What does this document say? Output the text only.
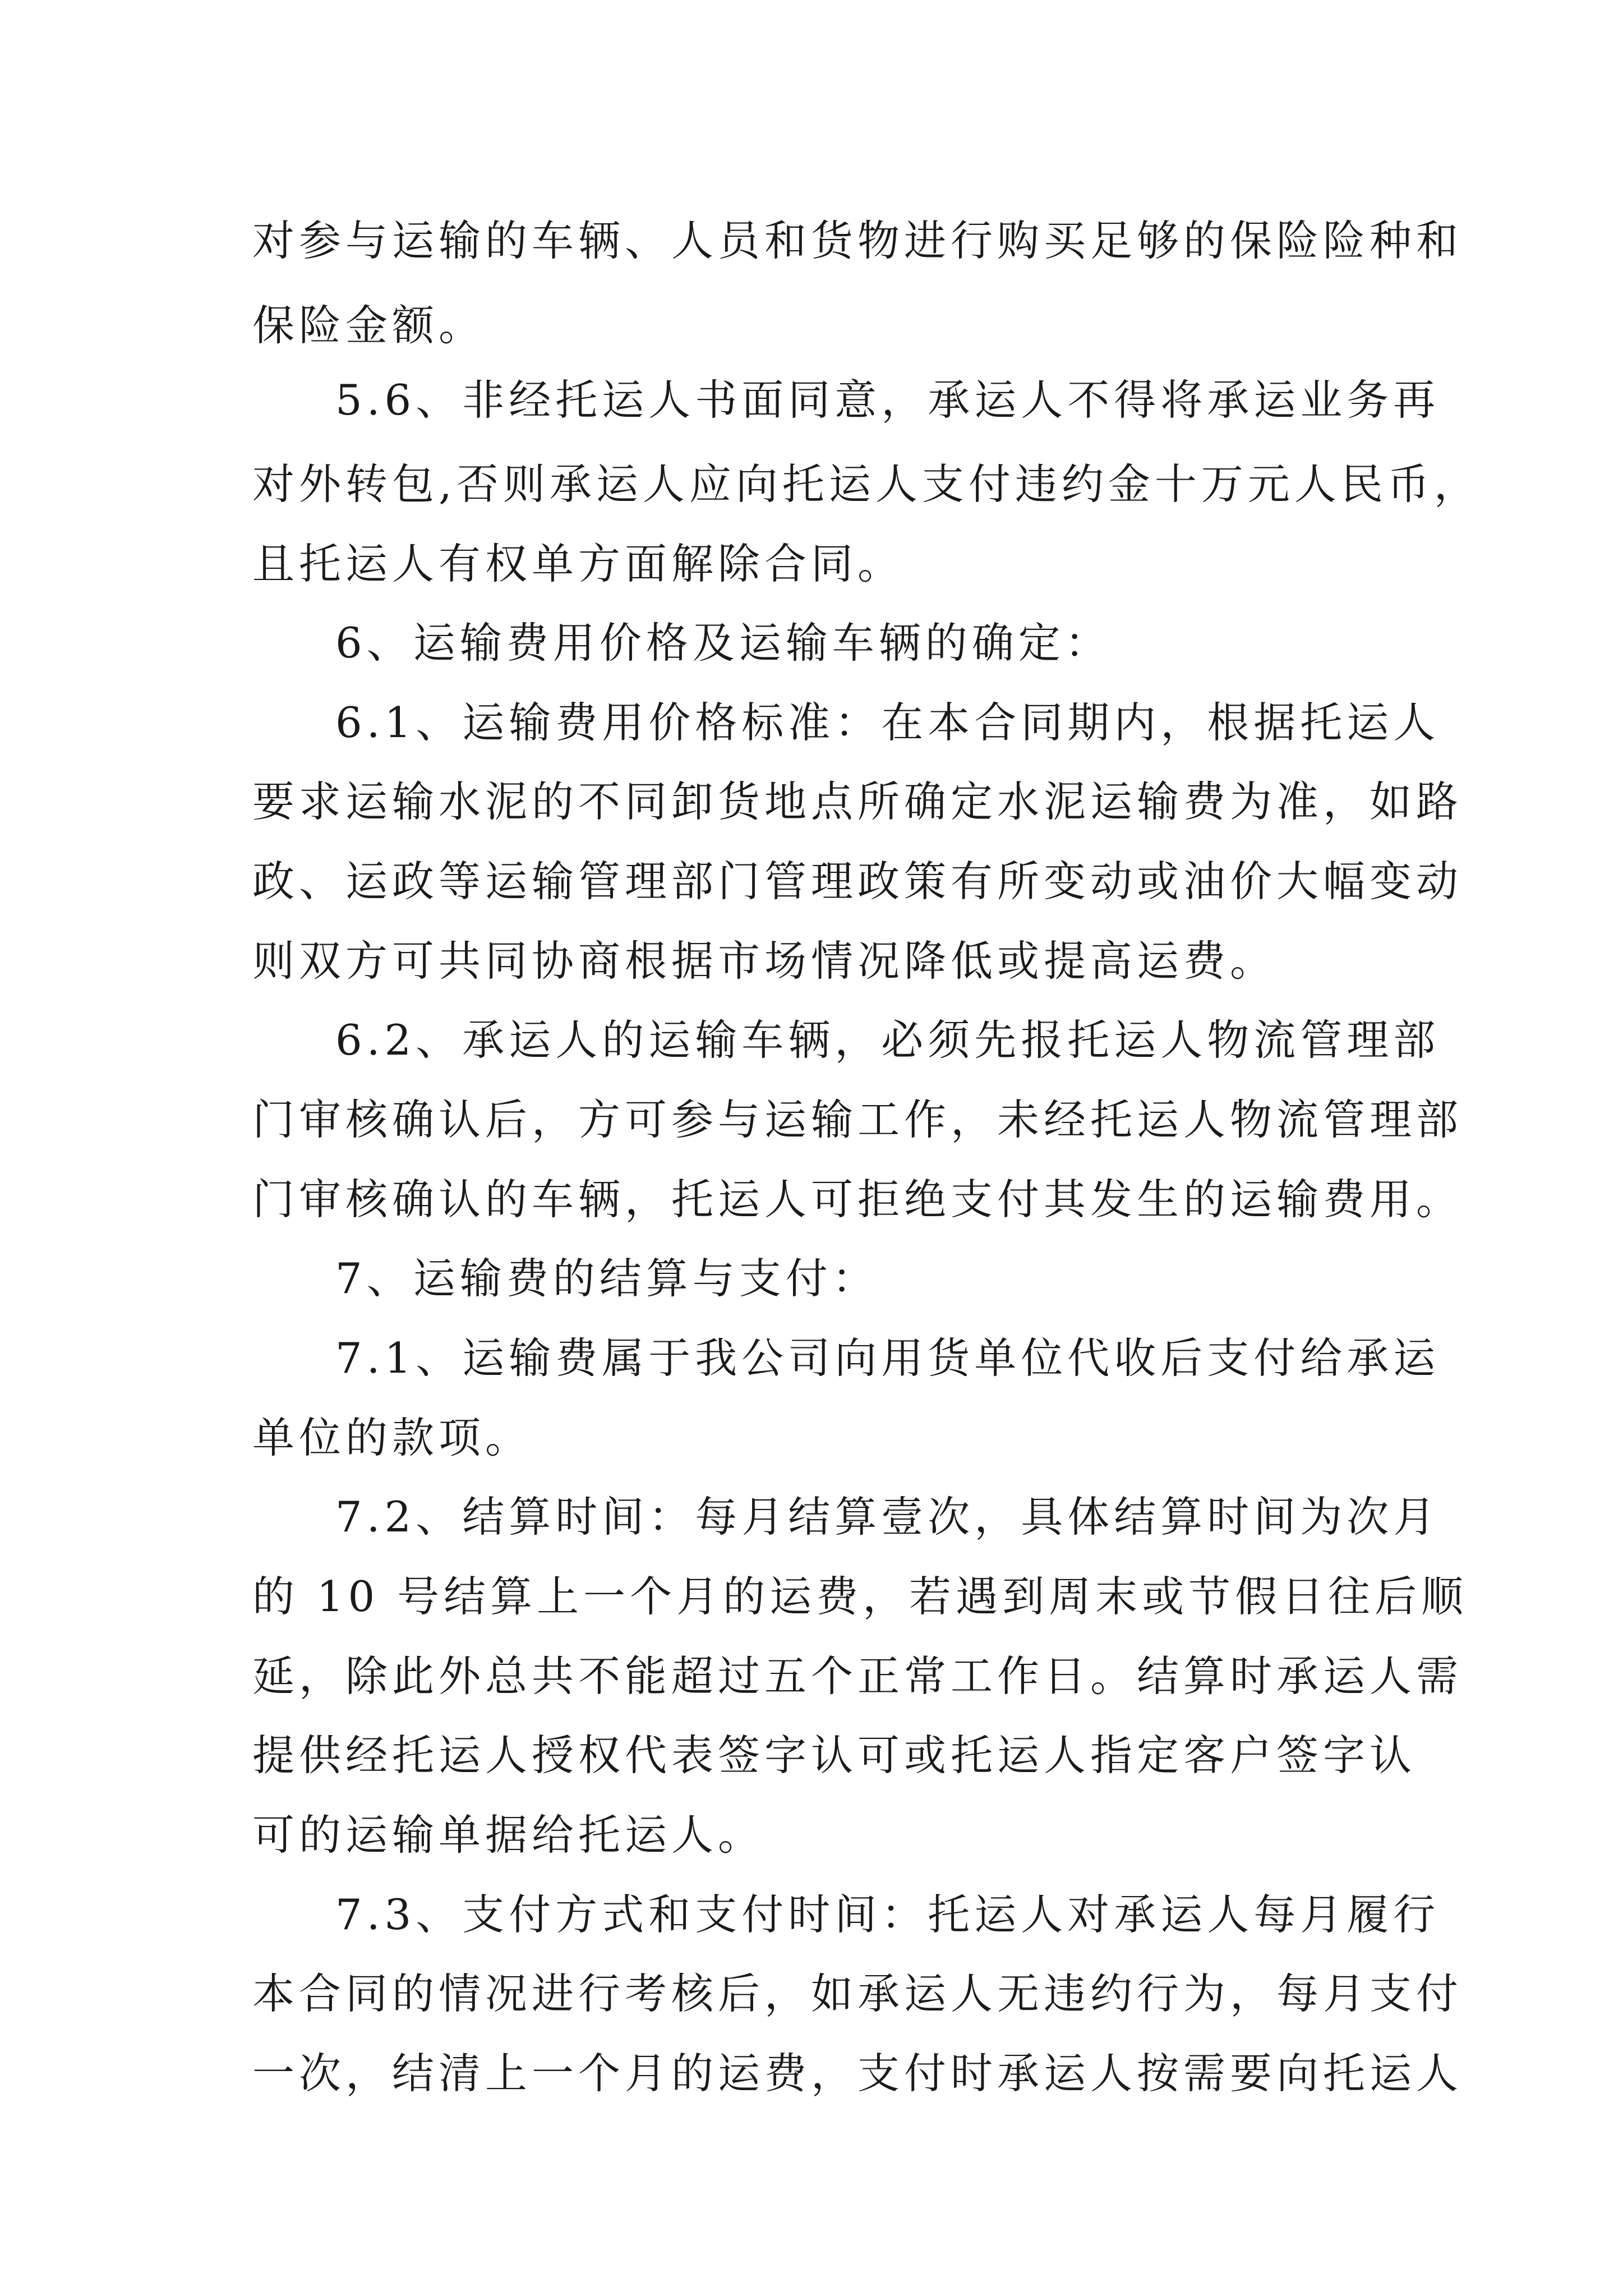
对参与运输的车辆、人员和货物进行购买足够的保险险种和
保险金额。
5.6、非经托运人书面同意，承运人不得将承运业务再
对外转包,否则承运人应向托运人支付违约金十万元人民币，
且托运人有权单方面解除合同。
6、运输费用价格及运输车辆的确定：
6.1、运输费用价格标准：在本合同期内，根据托运人
要求运输水泥的不同卸货地点所确定水泥运输费为准，如路
政、运政等运输管理部门管理政策有所变动或油价大幅变动
则双方可共同协商根据市场情况降低或提高运费。
6.2、承运人的运输车辆，必须先报托运人物流管理部
门审核确认后，方可参与运输工作，未经托运人物流管理部
门审核确认的车辆，托运人可拒绝支付其发生的运输费用。
7、运输费的结算与支付：
7.1、运输费属于我公司向用货单位代收后支付给承运
单位的款项。
7.2、结算时间：每月结算壹次，具体结算时间为次月
的 10 号结算上一个月的运费，若遇到周末或节假日往后顺
延，除此外总共不能超过五个正常工作日。结算时承运人需
提供经托运人授权代表签字认可或托运人指定客户签字认
可的运输单据给托运人。
7.3、支付方式和支付时间：托运人对承运人每月履行
本合同的情况进行考核后，如承运人无违约行为，每月支付
一次，结清上一个月的运费，支付时承运人按需要向托运人
